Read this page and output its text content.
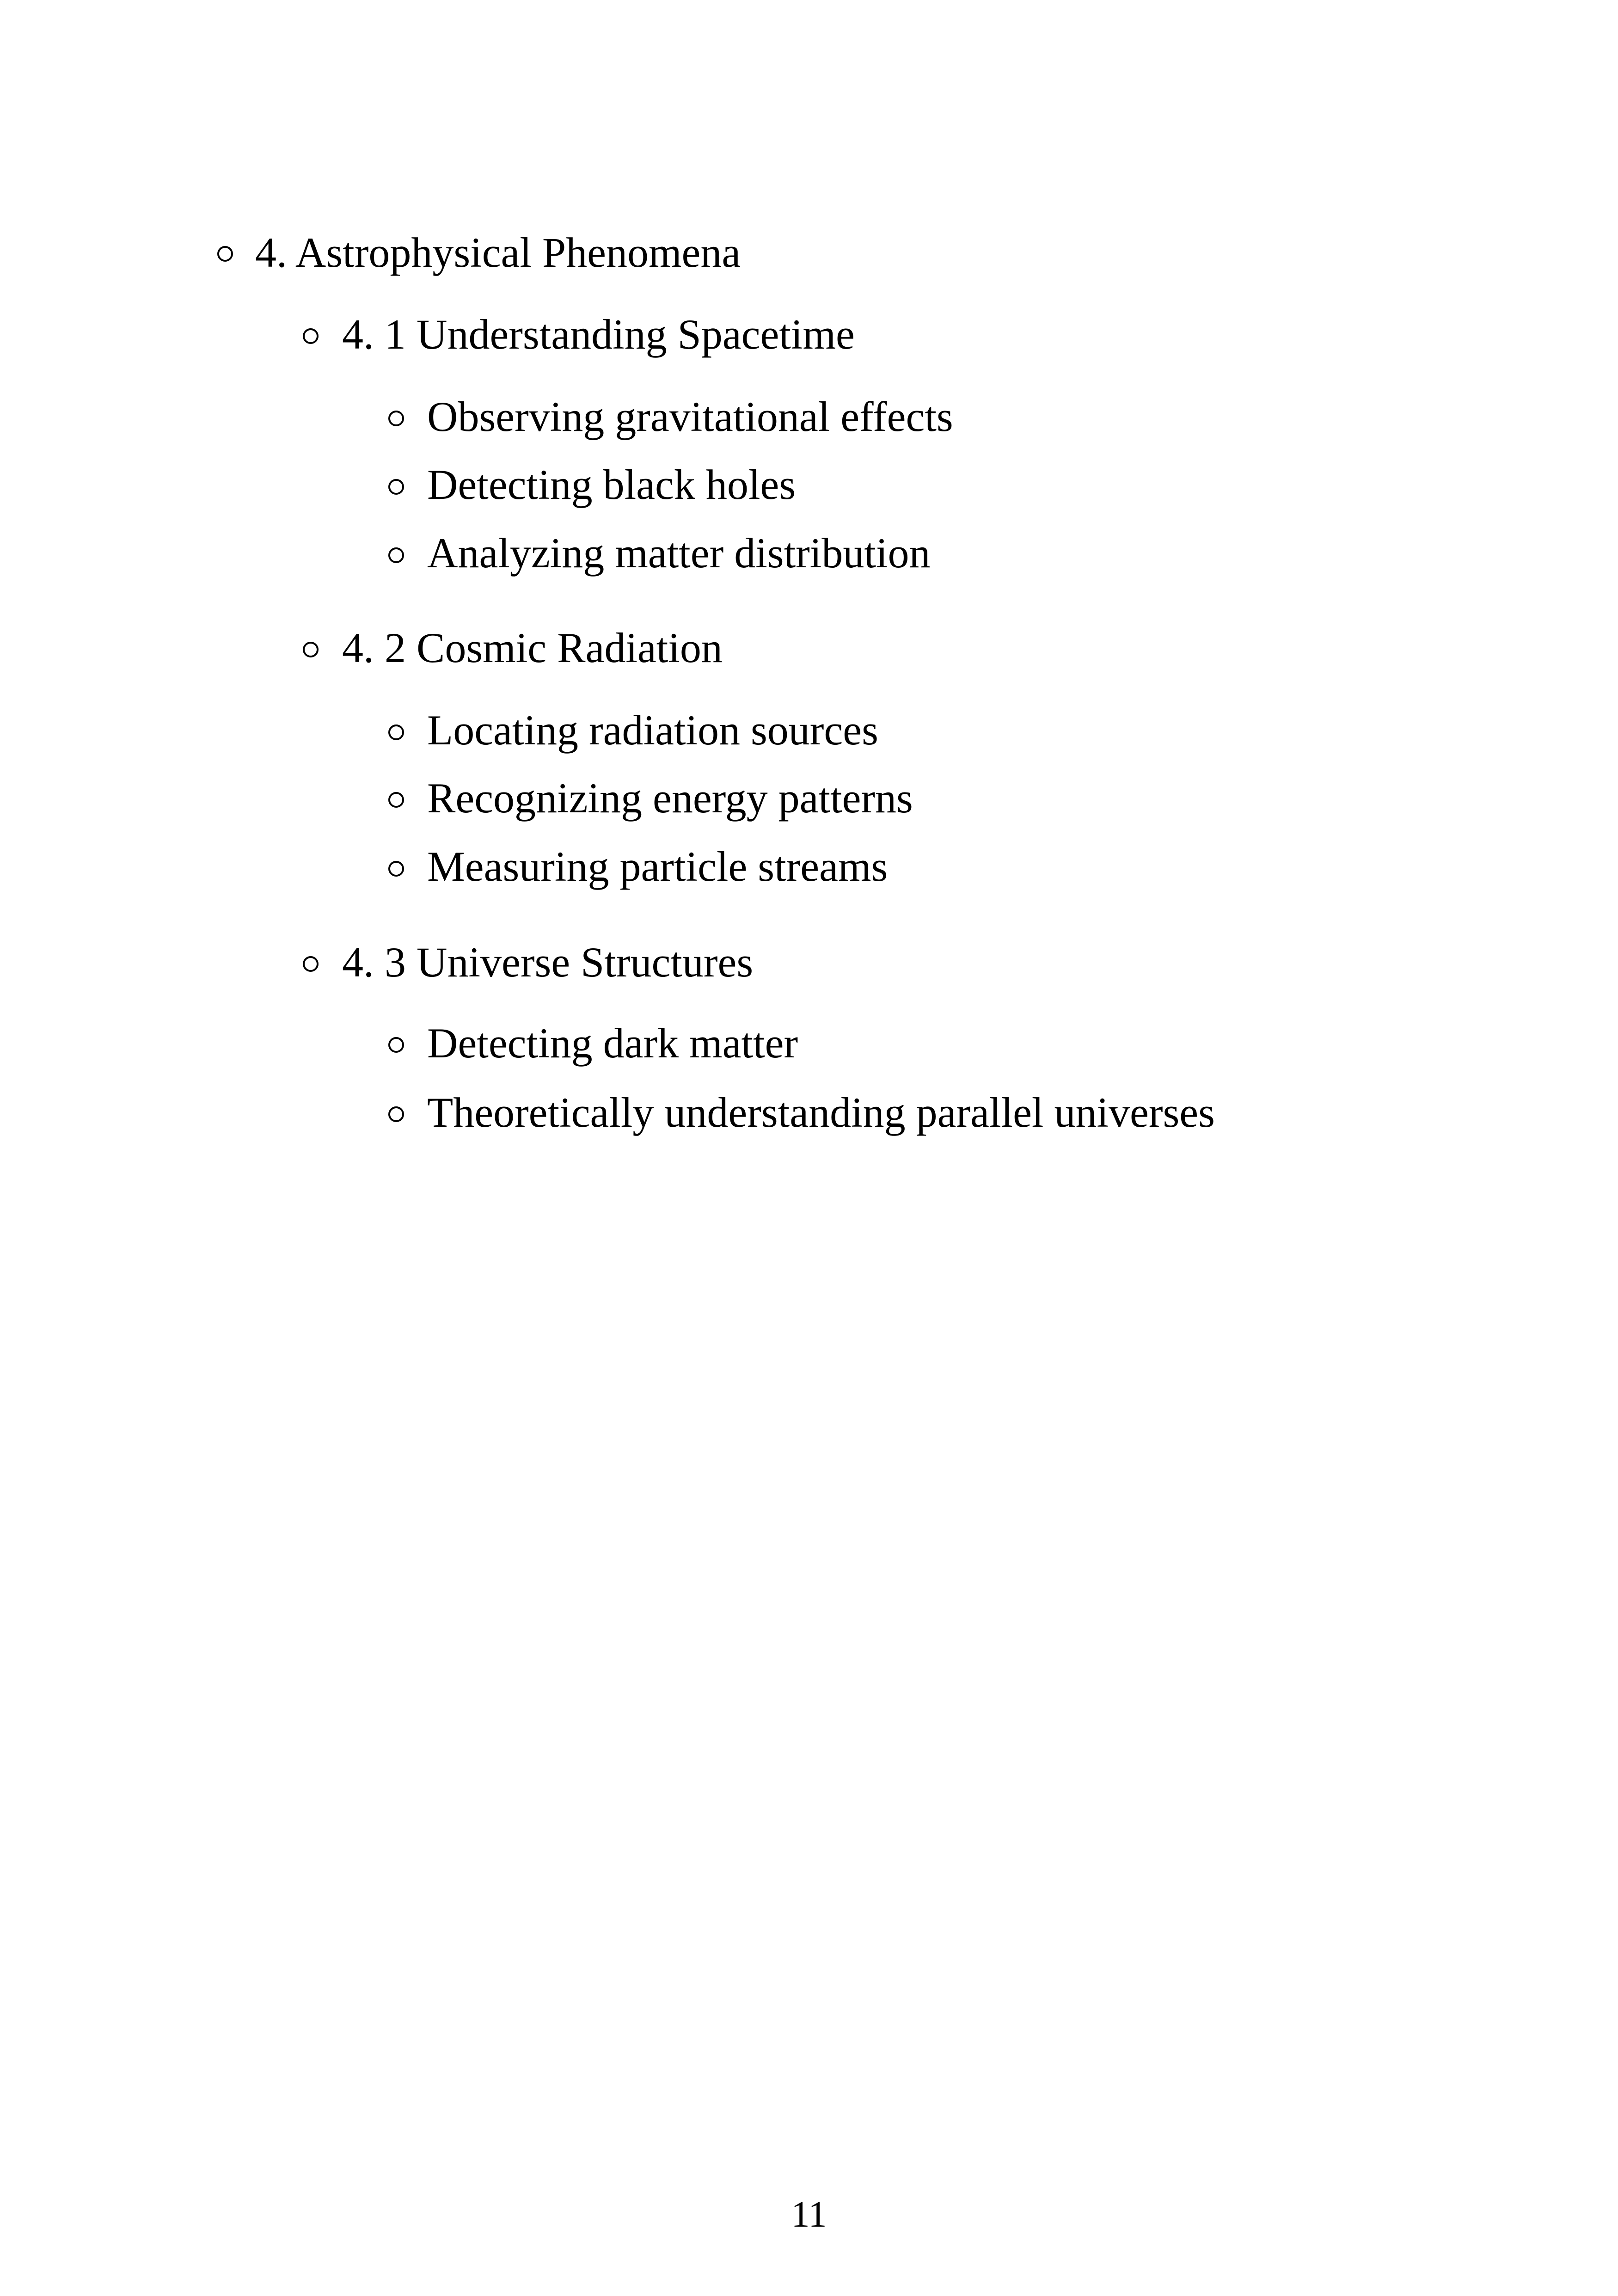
4. Astrophysical Phenomena
4. 1 Understanding Spacetime
Observing gravitational effects
Detecting black holes
Analyzing matter distribution
4. 2 Cosmic Radiation
Locating radiation sources
Recognizing energy patterns
Measuring particle streams
4. 3 Universe Structures
Detecting dark matter
Theoretically understanding parallel universes
11
